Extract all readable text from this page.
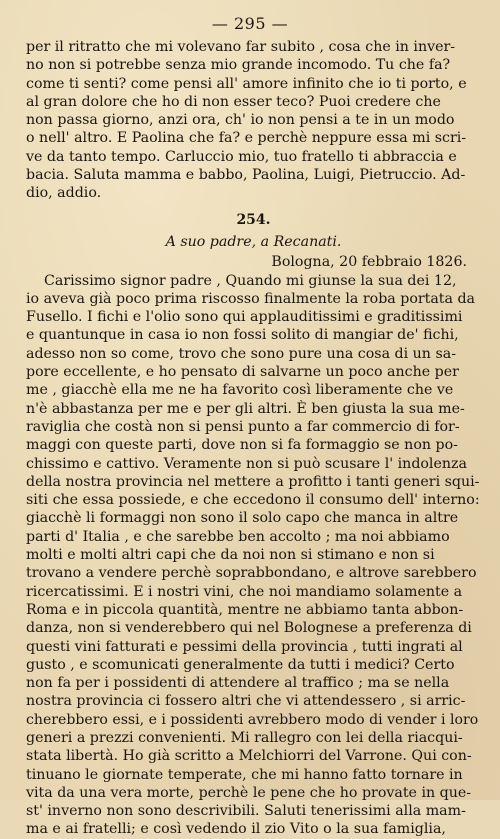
— 295 —
per il ritratto che mi volevano far subito , cosa che in inver-
no non si potrebbe senza mio grande incomodo. Tu che fa?
come ti senti? come pensi all' amore infinito che io ti porto, e
al gran dolore che ho di non esser teco? Puoi credere che
non passa giorno, anzi ora, ch' io non pensi a te in un modo
o nell' altro. E Paolina che fa? e perchè neppure essa mi scri-
ve da tanto tempo. Carluccio mio, tuo fratello ti abbraccia e
bacia. Saluta mamma e babbo, Paolina, Luigi, Pietruccio. Ad-
dio, addio.
254.
A suo padre, a Recanati.
Bologna, 20 febbraio 1826.
Carissimo signor padre , Quando mi giunse la sua dei 12,
io aveva già poco prima riscosso finalmente la roba portata da
Fusello. I fichi e l'olio sono qui applauditissimi e graditissimi
e quantunque in casa io non fossi solito di mangiar de' fichi,
adesso non so come, trovo che sono pure una cosa di un sa-
pore eccellente, e ho pensato di salvarne un poco anche per
me , giacchè ella me ne ha favorito così liberamente che ve
n'è abbastanza per me e per gli altri. È ben giusta la sua me-
raviglia che costà non si pensi punto a far commercio di for-
maggi con queste parti, dove non si fa formaggio se non po-
chissimo e cattivo. Veramente non si può scusare l' indolenza
della nostra provincia nel mettere a profitto i tanti generi squi-
siti che essa possiede, e che eccedono il consumo dell' interno:
giacchè li formaggi non sono il solo capo che manca in altre
parti d' Italia , e che sarebbe ben accolto ; ma noi abbiamo
molti e molti altri capi che da noi non si stimano e non si
trovano a vendere perchè soprabbondano, e altrove sarebbero
ricercatissimi. E i nostri vini, che noi mandiamo solamente a
Roma e in piccola quantità, mentre ne abbiamo tanta abbon-
danza, non si venderebbero qui nel Bolognese a preferenza di
questi vini fatturati e pessimi della provincia , tutti ingrati al
gusto , e scomunicati generalmente da tutti i medici? Certo
non fa per i possidenti di attendere al traffico ; ma se nella
nostra provincia ci fossero altri che vi attendessero , si arric-
cherebbero essi, e i possidenti avrebbero modo di vender i loro
generi a prezzi convenienti. Mi rallegro con lei della riacqui-
stata libertà. Ho già scritto a Melchiorri del Varrone. Qui con-
tinuano le giornate temperate, che mi hanno fatto tornare in
vita da una vera morte, perchè le pene che ho provate in que-
st' inverno non sono descrivibili. Saluti tenerissimi alla mam-
ma e ai fratelli; e così vedendo il zio Vito o la sua famiglia,
